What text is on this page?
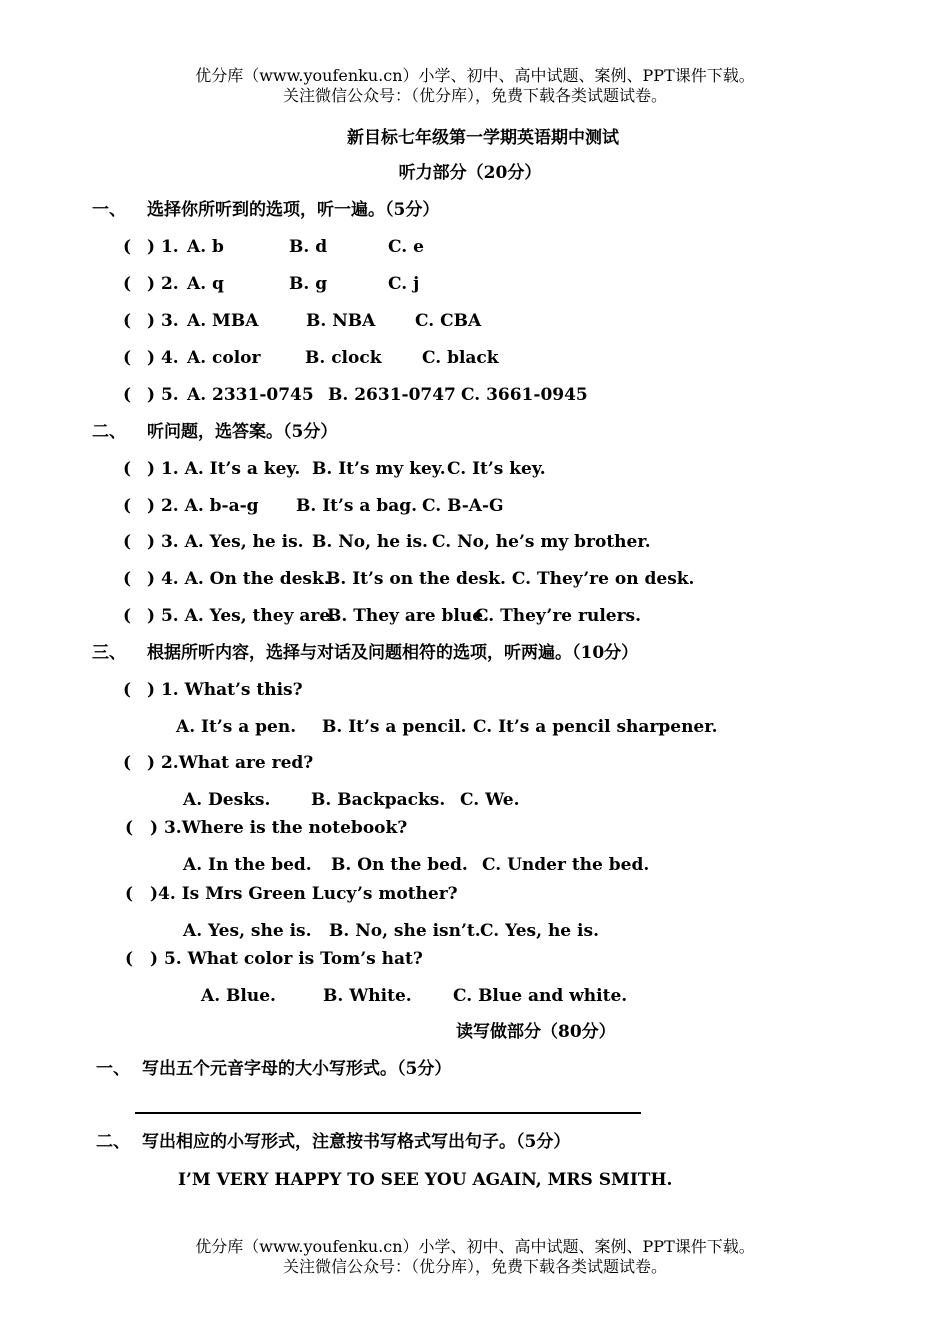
优分库（www.youfenku.cn）小学、初中、高中试题、案例、PPT课件下载。
关注微信公众号：（优分库），免费下载各类试题试卷。
新目标七年级第一学期英语期中测试
听力部分（20分）
一、 选择你所听到的选项，听一遍。（5分）
( ) 1. A. b	B. d	C. e
( ) 2. A. q	B. g	C. j
( ) 3. A. MBA	B. NBA C. CBA
( ) 4. A. color	B. clock C. black
( ) 5. A. 2331-0745 B. 2631-0747 C. 3661-0945
二、 听问题，选答案。（5分）
( ) 1. A. It’s a key. B. It’s my key. C. It’s key.
( ) 2. A. b-a-g B. It’s a bag. C. B-A-G
( ) 3. A. Yes, he is. B. No, he is. C. No, he’s my brother.
( ) 4. A. On the desk.
B. It’s on the desk. C. They’re on desk.
( ) 5. A. Yes, they are.
B. They are blue.
C. They’re rulers.
三、 根据所听内容，选择与对话及问题相符的选项，听两遍。（10分）
( ) 1. What’s this?
A. It’s a pen. B. It’s a pencil. C. It’s a pencil sharpener.
( ) 2.What are red?
A. Desks. B. Backpacks. C. We.
( ) 3.Where is the notebook?
A. In the bed. B. On the bed. C. Under the bed.
( )4. Is Mrs Green Lucy’s mother?
A. Yes, she is. B. No, she isn’t. C. Yes, he is.
( ) 5. What color is Tom’s hat?
A. Blue.	B. White. C. Blue and white.
读写做部分（80分）
一、 写出五个元音字母的大小写形式。（5分）
二、 写出相应的小写形式，注意按书写格式写出句子。（5分）
I’M VERY HAPPY TO SEE YOU AGAIN, MRS SMITH.
优分库（www.youfenku.cn）小学、初中、高中试题、案例、PPT课件下载。
关注微信公众号：（优分库），免费下载各类试题试卷。
